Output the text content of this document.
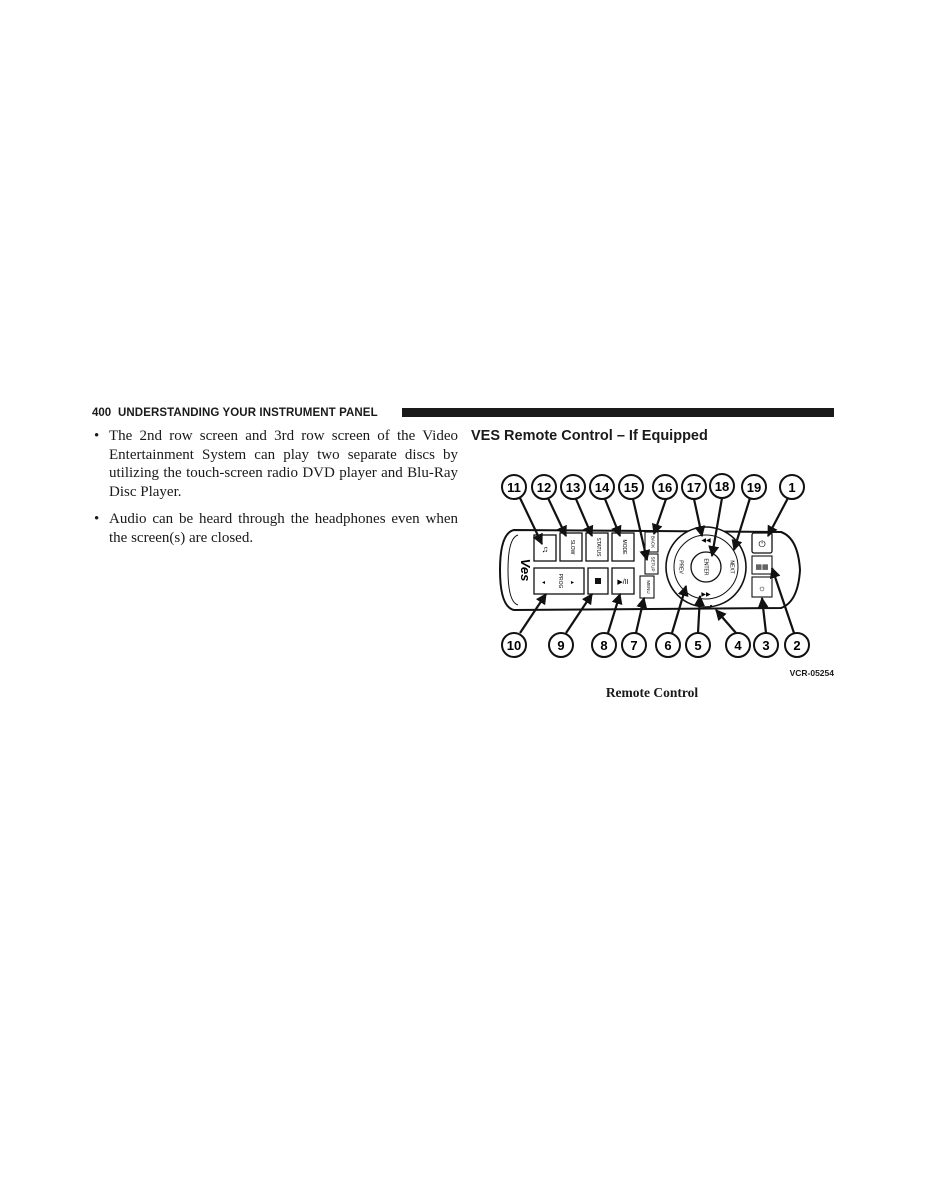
400 UNDERSTANDING YOUR INSTRUMENT PANEL
• The 2nd row screen and 3rd row screen of the Video Entertainment System can play two separate discs by utilizing the touch-screen radio DVD player and Blu-Ray Disc Player.
• Audio can be heard through the headphones even when the screen(s) are closed.
VES Remote Control – If Equipped
Ves
♫	SLOW	STATUS	MODE	BACK
SETUP
PROG
◂	▸	▶/II	MENU
ENTER
◀◀
▶▶
PREV	NEXT
⏻
▦▦
☼
▪
11 12 13 14 15 16 17 18 19 1
10	9	8 7 6 5	4 3 2
VCR-05254
Remote Control
